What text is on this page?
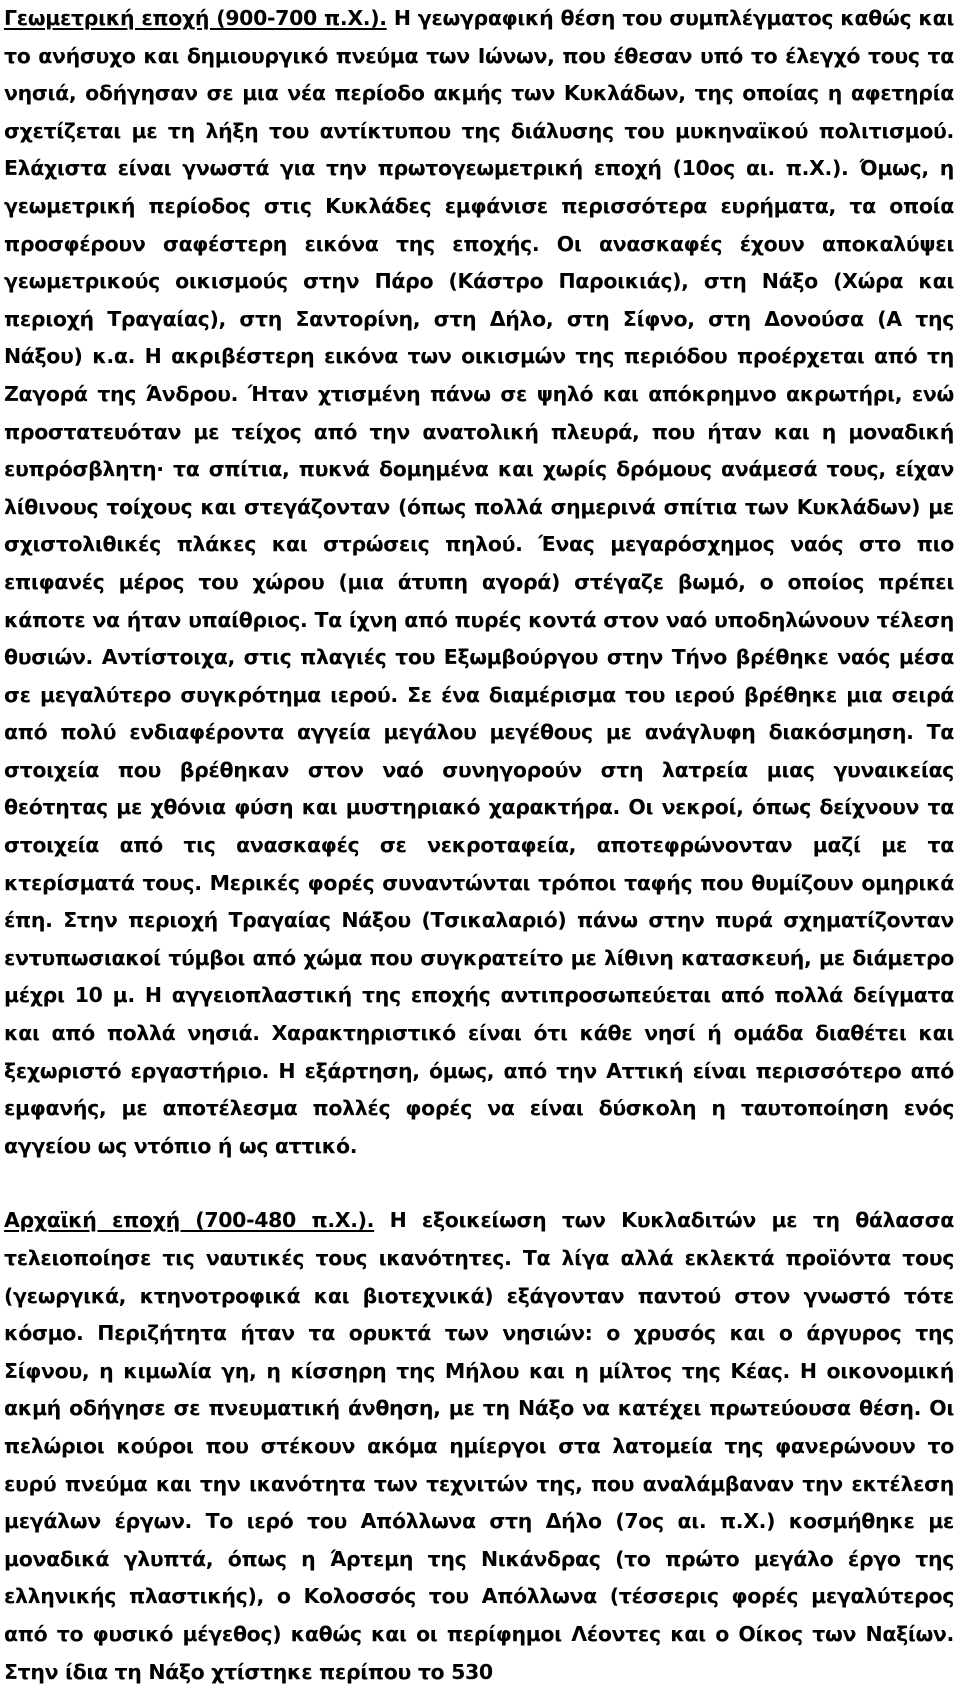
Γεωμετρική εποχή (900-700 π.Χ.). Η γεωγραφική θέση του συμπλέγματος καθώς και το ανήσυχο και δημιουργικό πνεύμα των Ιώνων, που έθεσαν υπό το έλεγχό τους τα νησιά, οδήγησαν σε μια νέα περίοδο ακμής των Κυκλάδων, της οποίας η αφετηρία σχετίζεται με τη λήξη του αντίκτυπου της διάλυσης του μυκηναϊκού πολιτισμού. Ελάχιστα είναι γνωστά για την πρωτογεωμετρική εποχή (10ος αι. π.Χ.). Όμως, η γεωμετρική περίοδος στις Κυκλάδες εμφάνισε περισσότερα ευρήματα, τα οποία προσφέρουν σαφέστερη εικόνα της εποχής. Οι ανασκαφές έχουν αποκαλύψει γεωμετρικούς οικισμούς στην Πάρο (Κάστρο Παροικιάς), στη Νάξο (Χώρα και περιοχή Τραγαίας), στη Σαντορίνη, στη Δήλο, στη Σίφνο, στη Δονούσα (Α της Νάξου) κ.α. Η ακριβέστερη εικόνα των οικισμών της περιόδου προέρχεται από τη Ζαγορά της Άνδρου. Ήταν χτισμένη πάνω σε ψηλό και απόκρημνο ακρωτήρι, ενώ προστατευόταν με τείχος από την ανατολική πλευρά, που ήταν και η μοναδική ευπρόσβλητη· τα σπίτια, πυκνά δομημένα και χωρίς δρόμους ανάμεσά τους, είχαν λίθινους τοίχους και στεγάζονταν (όπως πολλά σημερινά σπίτια των Κυκλάδων) με σχιστολιθικές πλάκες και στρώσεις πηλού. Ένας μεγαρόσχημος ναός στο πιο επιφανές μέρος του χώρου (μια άτυπη αγορά) στέγαζε βωμό, ο οποίος πρέπει κάποτε να ήταν υπαίθριος. Τα ίχνη από πυρές κοντά στον ναό υποδηλώνουν τέλεση θυσιών. Αντίστοιχα, στις πλαγιές του Εξωμβούργου στην Τήνο βρέθηκε ναός μέσα σε μεγαλύτερο συγκρότημα ιερού. Σε ένα διαμέρισμα του ιερού βρέθηκε μια σειρά από πολύ ενδιαφέροντα αγγεία μεγάλου μεγέθους με ανάγλυφη διακόσμηση. Τα στοιχεία που βρέθηκαν στον ναό συνηγορούν στη λατρεία μιας γυναικείας θεότητας με χθόνια φύση και μυστηριακό χαρακτήρα. Οι νεκροί, όπως δείχνουν τα στοιχεία από τις ανασκαφές σε νεκροταφεία, αποτεφρώνονταν μαζί με τα κτερίσματά τους. Μερικές φορές συναντώνται τρόποι ταφής που θυμίζουν ομηρικά έπη. Στην περιοχή Τραγαίας Νάξου (Τσικαλαριό) πάνω στην πυρά σχηματίζονταν εντυπωσιακοί τύμβοι από χώμα που συγκρατείτο με λίθινη κατασκευή, με διάμετρο μέχρι 10 μ. Η αγγειοπλαστική της εποχής αντιπροσωπεύεται από πολλά δείγματα και από πολλά νησιά. Χαρακτηριστικό είναι ότι κάθε νησί ή ομάδα διαθέτει και ξεχωριστό εργαστήριο. Η εξάρτηση, όμως, από την Αττική είναι περισσότερο από εμφανής, με αποτέλεσμα πολλές φορές να είναι δύσκολη η ταυτοποίηση ενός αγγείου ως ντόπιο ή ως αττικό.

Αρχαϊκή εποχή (700-480 π.Χ.). Η εξοικείωση των Κυκλαδιτών με τη θάλασσα τελειοποίησε τις ναυτικές τους ικανότητες. Τα λίγα αλλά εκλεκτά προϊόντα τους (γεωργικά, κτηνοτροφικά και βιοτεχνικά) εξάγονταν παντού στον γνωστό τότε κόσμο. Περιζήτητα ήταν τα ορυκτά των νησιών: ο χρυσός και ο άργυρος της Σίφνου, η κιμωλία γη, η κίσσηρη της Μήλου και η μίλτος της Κέας. Η οικονομική ακμή οδήγησε σε πνευματική άνθηση, με τη Νάξο να κατέχει πρωτεύουσα θέση. Οι πελώριοι κούροι που στέκουν ακόμα ημίεργοι στα λατομεία της φανερώνουν το ευρύ πνεύμα και την ικανότητα των τεχνιτών της, που αναλάμβαναν την εκτέλεση μεγάλων έργων. Το ιερό του Απόλλωνα στη Δήλο (7ος αι. π.Χ.) κοσμήθηκε με μοναδικά γλυπτά, όπως η Άρτεμη της Νικάνδρας (το πρώτο μεγάλο έργο της ελληνικής πλαστικής), ο Κολοσσός του Απόλλωνα (τέσσερις φορές μεγαλύτερος από το φυσικό μέγεθος) καθώς και οι περίφημοι Λέοντες και ο Οίκος των Ναξίων. Στην ίδια τη Νάξο χτίστηκε περίπου το 530
